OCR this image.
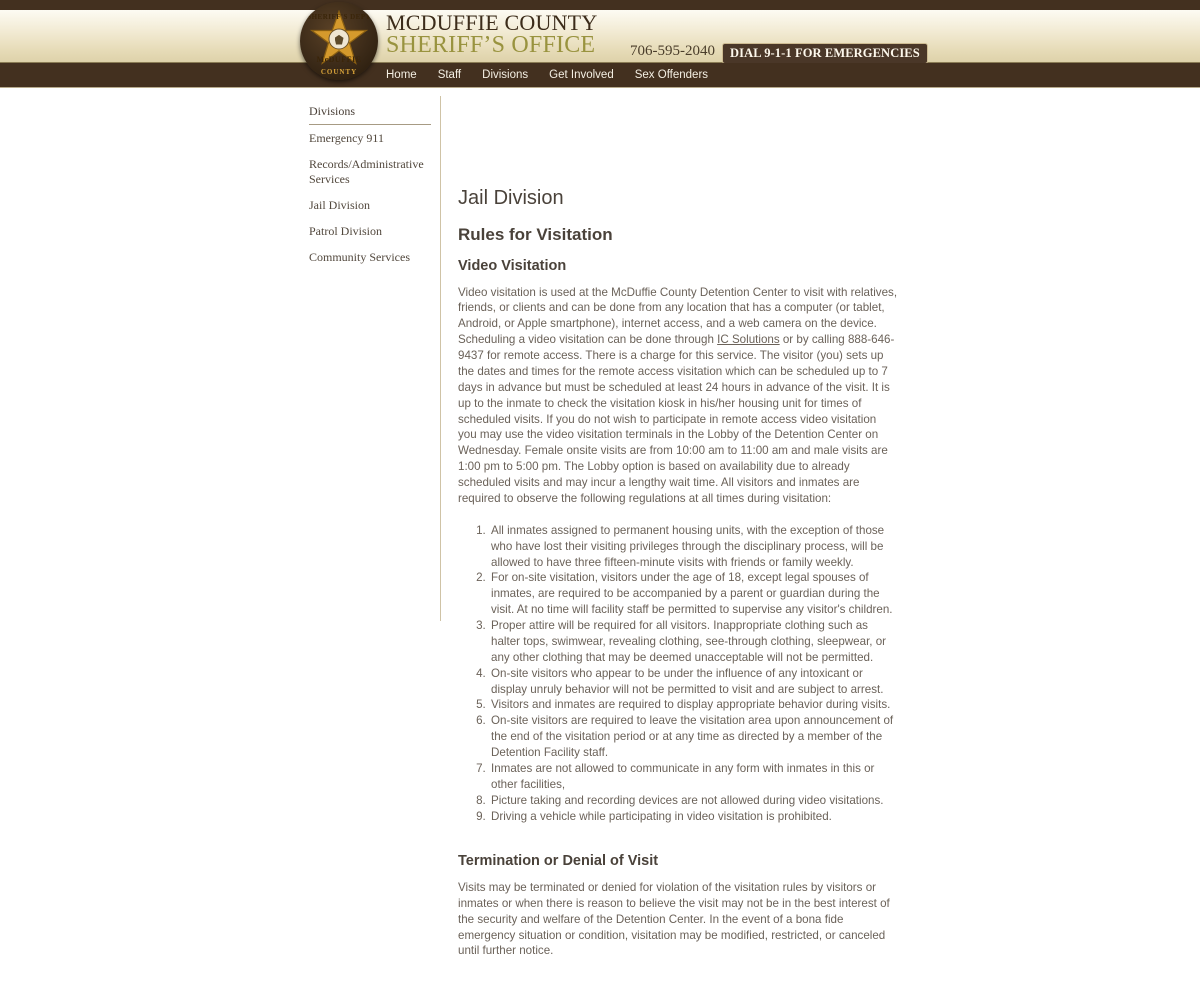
SHERIFF'S DEPT
McDUFFIE
COUNTY
MCDUFFIE COUNTY
SHERIFF’S OFFICE 706-595-2040	DIAL 9-1-1 FOR EMERGENCIES
Home Staff Divisions Get Involved Sex Offenders
Divisions
Emergency 911
Records/Administrative Services
Jail Division
Patrol Division
Community Services
Jail Division
Rules for Visitation
Video Visitation

Video visitation is used at the McDuffie County Detention Center to visit with relatives, friends, or clients and can be done from any location that has a computer (or tablet, Android, or Apple smartphone), internet access, and a web camera on the device. Scheduling a video visitation can be done through IC Solutions or by calling 888-646-9437 for remote access. There is a charge for this service. The visitor (you) sets up the dates and times for the remote access visitation which can be scheduled up to 7 days in advance but must be scheduled at least 24 hours in advance of the visit. It is up to the inmate to check the visitation kiosk in his/her housing unit for times of scheduled visits. If you do not wish to participate in remote access video visitation you may use the video visitation terminals in the Lobby of the Detention Center on Wednesday. Female onsite visits are from 10:00 am to 11:00 am and male visits are 1:00 pm to 5:00 pm. The Lobby option is based on availability due to already scheduled visits and may incur a lengthy wait time. All visitors and inmates are required to observe the following regulations at all times during visitation:

1. All inmates assigned to permanent housing units, with the exception of those who have lost their visiting privileges through the disciplinary process, will be allowed to have three fifteen-minute visits with friends or family weekly.
2. For on-site visitation, visitors under the age of 18, except legal spouses of inmates, are required to be accompanied by a parent or guardian during the visit. At no time will facility staff be permitted to supervise any visitor's children.
3. Proper attire will be required for all visitors. Inappropriate clothing such as halter tops, swimwear, revealing clothing, see-through clothing, sleepwear, or any other clothing that may be deemed unacceptable will not be permitted.
4. On-site visitors who appear to be under the influence of any intoxicant or display unruly behavior will not be permitted to visit and are subject to arrest.
5. Visitors and inmates are required to display appropriate behavior during visits.
6. On-site visitors are required to leave the visitation area upon announcement of the end of the visitation period or at any time as directed by a member of the Detention Facility staff.
7. Inmates are not allowed to communicate in any form with inmates in this or other facilities,
8. Picture taking and recording devices are not allowed during video visitations.
9. Driving a vehicle while participating in video visitation is prohibited.
Termination or Denial of Visit

Visits may be terminated or denied for violation of the visitation rules by visitors or inmates or when there is reason to believe the visit may not be in the best interest of the security and welfare of the Detention Center. In the event of a bona fide emergency situation or condition, visitation may be modified, restricted, or canceled until further notice.
